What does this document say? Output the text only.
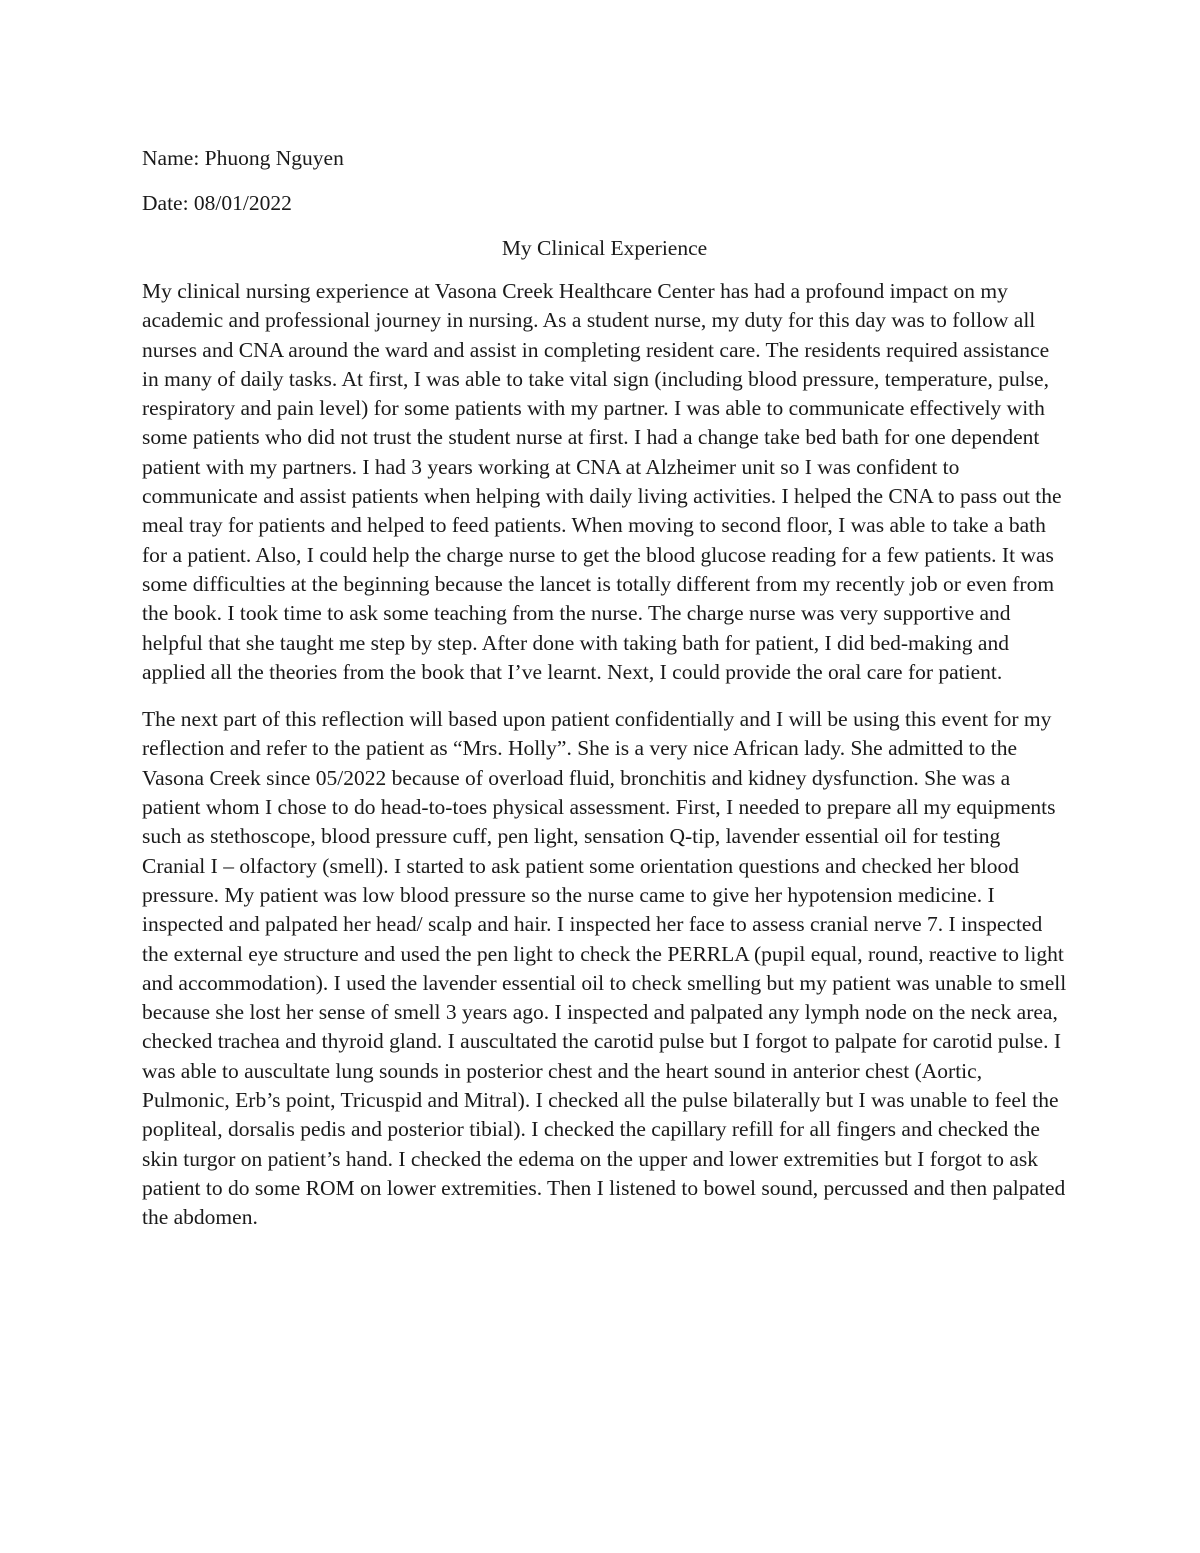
Name: Phuong Nguyen

Date: 08/01/2022

My Clinical Experience

My clinical nursing experience at Vasona Creek Healthcare Center has had a profound impact on my academic and professional journey in nursing. As a student nurse, my duty for this day was to follow all nurses and CNA around the ward and assist in completing resident care. The residents required assistance in many of daily tasks. At first, I was able to take vital sign (including blood pressure, temperature, pulse, respiratory and pain level) for some patients with my partner. I was able to communicate effectively with some patients who did not trust the student nurse at first. I had a change take bed bath for one dependent patient with my partners. I had 3 years working at CNA at Alzheimer unit so I was confident to communicate and assist patients when helping with daily living activities. I helped the CNA to pass out the meal tray for patients and helped to feed patients. When moving to second floor, I was able to take a bath for a patient. Also, I could help the charge nurse to get the blood glucose reading for a few patients. It was some difficulties at the beginning because the lancet is totally different from my recently job or even from the book. I took time to ask some teaching from the nurse. The charge nurse was very supportive and helpful that she taught me step by step. After done with taking bath for patient, I did bed-making and applied all the theories from the book that I’ve learnt. Next, I could provide the oral care for patient.

The next part of this reflection will based upon patient confidentially and I will be using this event for my reflection and refer to the patient as “Mrs. Holly”. She is a very nice African lady. She admitted to the Vasona Creek since 05/2022 because of overload fluid, bronchitis and kidney dysfunction. She was a patient whom I chose to do head-to-toes physical assessment. First, I needed to prepare all my equipments such as stethoscope, blood pressure cuff, pen light, sensation Q-tip, lavender essential oil for testing Cranial I – olfactory (smell). I started to ask patient some orientation questions and checked her blood pressure. My patient was low blood pressure so the nurse came to give her hypotension medicine. I inspected and palpated her head/ scalp and hair. I inspected her face to assess cranial nerve 7. I inspected the external eye structure and used the pen light to check the PERRLA (pupil equal, round, reactive to light and accommodation). I used the lavender essential oil to check smelling but my patient was unable to smell because she lost her sense of smell 3 years ago. I inspected and palpated any lymph node on the neck area, checked trachea and thyroid gland. I auscultated the carotid pulse but I forgot to palpate for carotid pulse. I was able to auscultate lung sounds in posterior chest and the heart sound in anterior chest (Aortic, Pulmonic, Erb’s point, Tricuspid and Mitral). I checked all the pulse bilaterally but I was unable to feel the popliteal, dorsalis pedis and posterior tibial). I checked the capillary refill for all fingers and checked the skin turgor on patient’s hand. I checked the edema on the upper and lower extremities but I forgot to ask patient to do some ROM on lower extremities. Then I listened to bowel sound, percussed and then palpated the abdomen.
